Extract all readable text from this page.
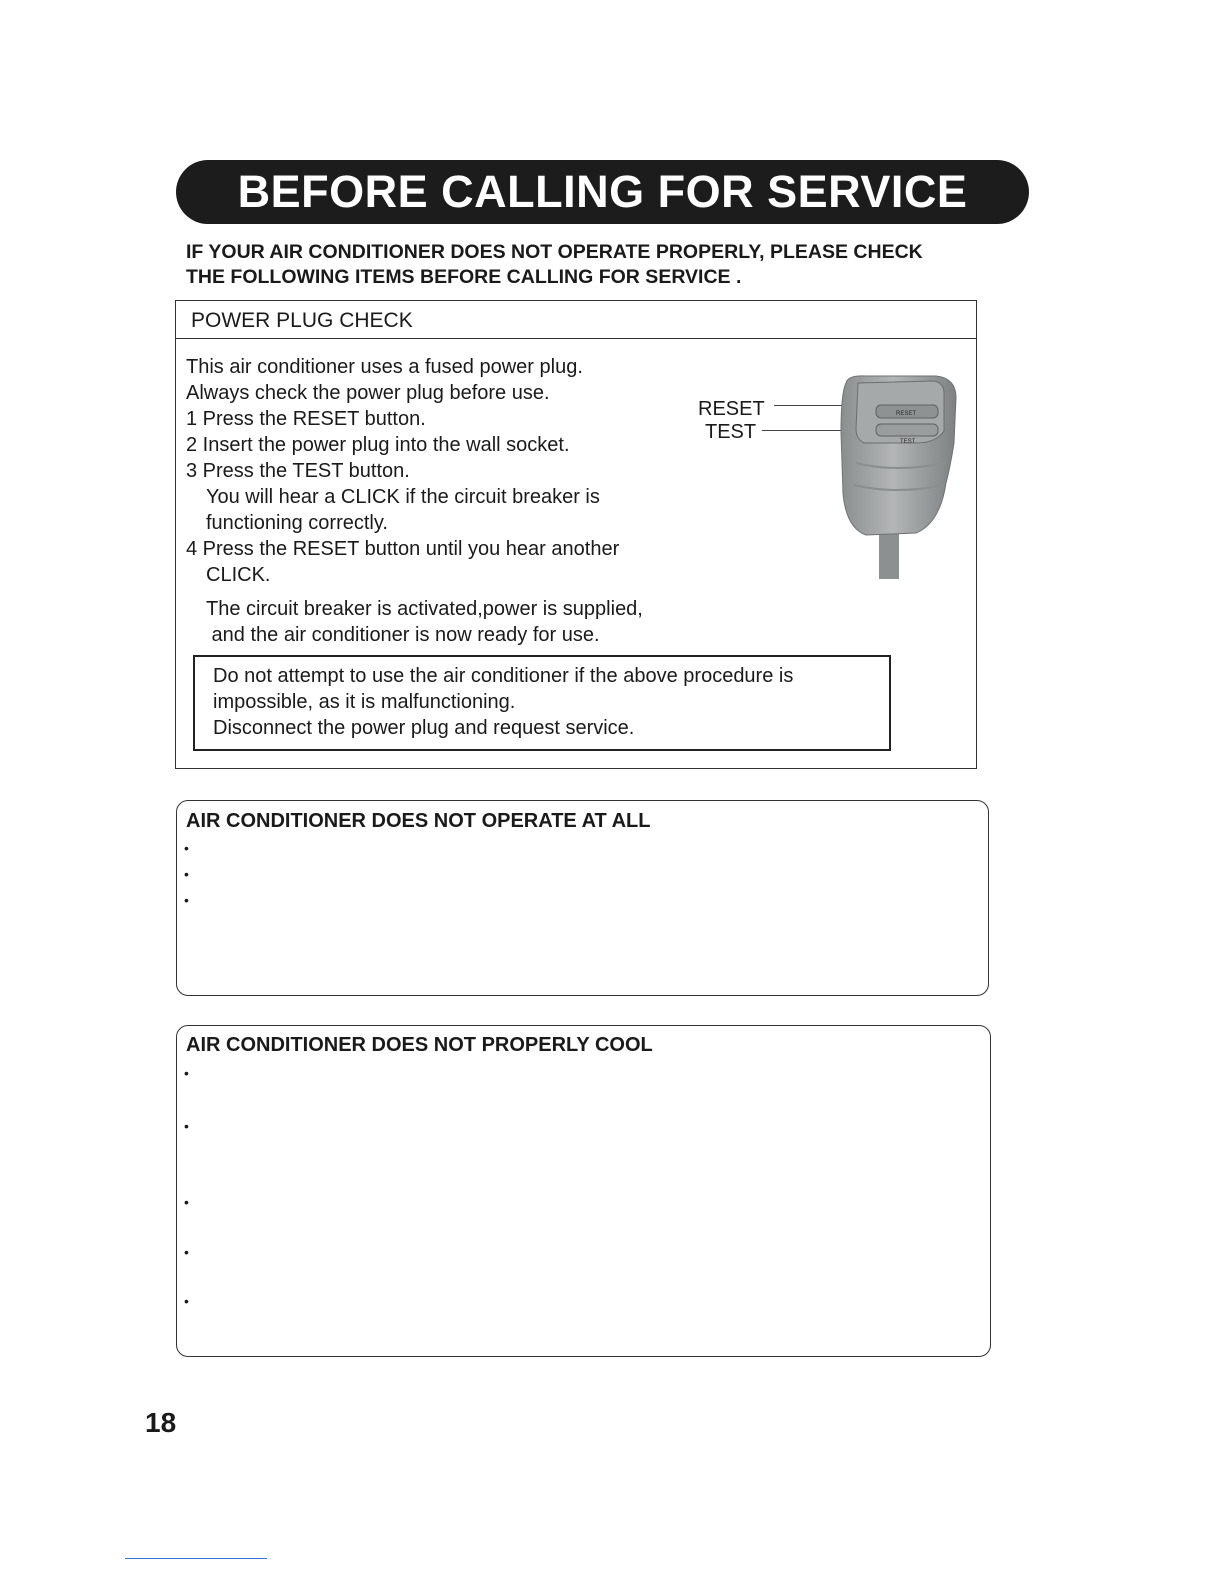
BEFORE CALLING FOR SERVICE
IF YOUR AIR CONDITIONER DOES NOT OPERATE PROPERLY, PLEASE CHECK
THE FOLLOWING ITEMS BEFORE CALLING FOR SERVICE .
POWER PLUG CHECK
This air conditioner uses a fused power plug.
Always check the power plug before use.
1 Press the RESET button.
2 Insert the power plug into the wall socket.
3 Press the TEST button.
You will hear a CLICK if the circuit breaker is
functioning correctly.
4 Press the RESET button until you hear another
CLICK.
The circuit breaker is activated,power is supplied,
and the air conditioner is now ready for use.
Do not attempt to use the air conditioner if the above procedure is
impossible, as it is malfunctioning.
Disconnect the power plug and request service.
RESET
TEST
RESET
TEST
AIR CONDITIONER DOES NOT OPERATE AT ALL
•
•
•
AIR CONDITIONER DOES NOT PROPERLY COOL
•
•
•
•
•
18
